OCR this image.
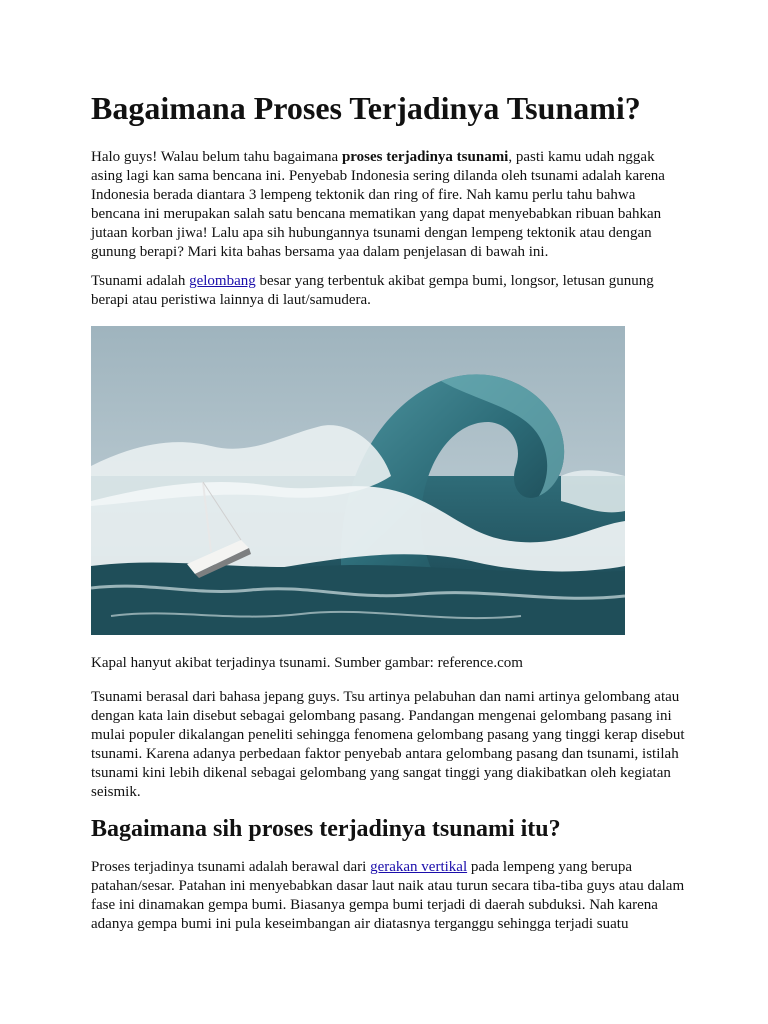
Bagaimana Proses Terjadinya Tsunami?

Halo guys! Walau belum tahu bagaimana proses terjadinya tsunami, pasti kamu udah nggak asing lagi kan sama bencana ini. Penyebab Indonesia sering dilanda oleh tsunami adalah karena Indonesia berada diantara 3 lempeng tektonik dan ring of fire. Nah kamu perlu tahu bahwa bencana ini merupakan salah satu bencana mematikan yang dapat menyebabkan ribuan bahkan jutaan korban jiwa! Lalu apa sih hubungannya tsunami dengan lempeng tektonik atau dengan gunung berapi? Mari kita bahas bersama yaa dalam penjelasan di bawah ini.

Tsunami adalah gelombang besar yang terbentuk akibat gempa bumi, longsor, letusan gunung berapi atau peristiwa lainnya di laut/samudera.

Kapal hanyut akibat terjadinya tsunami. Sumber gambar: reference.com

Tsunami berasal dari bahasa jepang guys. Tsu artinya pelabuhan dan nami artinya gelombang atau dengan kata lain disebut sebagai gelombang pasang. Pandangan mengenai gelombang pasang ini mulai populer dikalangan peneliti sehingga fenomena gelombang pasang yang tinggi kerap disebut tsunami. Karena adanya perbedaan faktor penyebab antara gelombang pasang dan tsunami, istilah tsunami kini lebih dikenal sebagai gelombang yang sangat tinggi yang diakibatkan oleh kegiatan seismik.

Bagaimana sih proses terjadinya tsunami itu?

Proses terjadinya tsunami adalah berawal dari gerakan vertikal pada lempeng yang berupa patahan/sesar. Patahan ini menyebabkan dasar laut naik atau turun secara tiba-tiba guys atau dalam fase ini dinamakan gempa bumi. Biasanya gempa bumi terjadi di daerah subduksi. Nah karena adanya gempa bumi ini pula keseimbangan air diatasnya terganggu sehingga terjadi suatu
